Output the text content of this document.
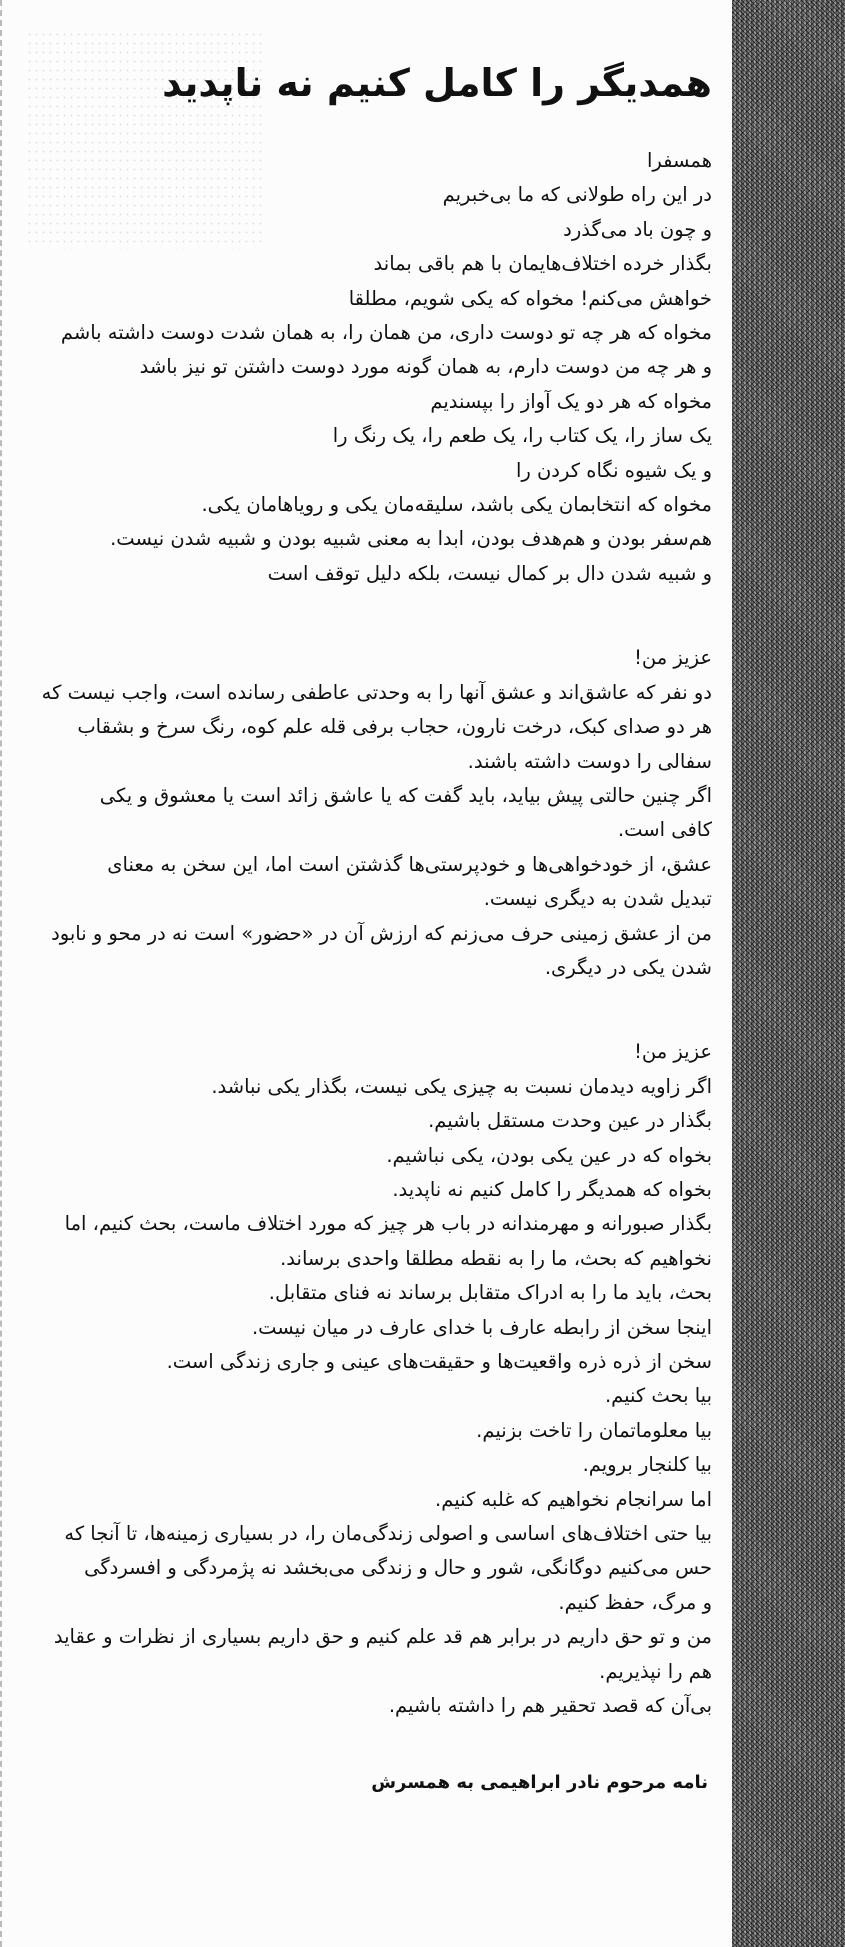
همدیگر را کامل کنیم نه ناپدید
همسفرا
در این راه طولانی که ما بی‌خبریم
و چون باد می‌گذرد
بگذار خرده اختلاف‌هایمان با هم باقی بماند
خواهش می‌کنم! مخواه که یکی شویم، مطلقا
مخواه که هر چه تو دوست داری، من همان را، به همان شدت دوست داشته باشم
و هر چه من دوست دارم، به همان گونه مورد دوست داشتن تو نیز باشد
مخواه که هر دو یک آواز را بپسندیم
یک ساز را، یک کتاب را، یک طعم را، یک رنگ را
و یک شیوه نگاه کردن را
مخواه که انتخابمان یکی باشد، سلیقه‌مان یکی و رویاهامان یکی.
هم‌سفر بودن و هم‌هدف بودن، ابدا به معنی شبیه بودن و شبیه شدن نیست.
و شبیه شدن دال بر کمال نیست، بلکه دلیل توقف است
عزیز من!
دو نفر که عاشق‌اند و عشق آنها را به وحدتی عاطفی رسانده است، واجب نیست که
هر دو صدای کبک، درخت نارون، حجاب برفی قله علم کوه، رنگ سرخ و بشقاب
سفالی را دوست داشته باشند.
اگر چنین حالتی پیش بیاید، باید گفت که یا عاشق زائد است یا معشوق و یکی
کافی است.
عشق، از خودخواهی‌ها و خودپرستی‌ها گذشتن است اما، این سخن به معنای
تبدیل شدن به دیگری نیست.
من از عشق زمینی حرف می‌زنم که ارزش آن در «حضور» است نه در محو و نابود
شدن یکی در دیگری.
عزیز من!
اگر زاویه دیدمان نسبت به چیزی یکی نیست، بگذار یکی نباشد.
بگذار در عین وحدت مستقل باشیم.
بخواه که در عین یکی بودن، یکی نباشیم.
بخواه که همدیگر را کامل کنیم نه ناپدید.
بگذار صبورانه و مهرمندانه در باب هر چیز که مورد اختلاف ماست، بحث کنیم، اما
نخواهیم که بحث، ما را به نقطه مطلقا واحدی برساند.
بحث، باید ما را به ادراک متقابل برساند نه فنای متقابل.
اینجا سخن از رابطه عارف با خدای عارف در میان نیست.
سخن از ذره ذره واقعیت‌ها و حقیقت‌های عینی و جاری زندگی است.
بیا بحث کنیم.
بیا معلوماتمان را تاخت بزنیم.
بیا کلنجار برویم.
اما سرانجام نخواهیم که غلبه کنیم.
بیا حتی اختلاف‌های اساسی و اصولی زندگی‌مان را، در بسیاری زمینه‌ها، تا آنجا که
حس می‌کنیم دوگانگی، شور و حال و زندگی می‌بخشد نه پژمردگی و افسردگی
و مرگ، حفظ کنیم.
من و تو حق داریم در برابر هم قد علم کنیم و حق داریم بسیاری از نظرات و عقاید
هم را نپذیریم.
بی‌آن که قصد تحقیر هم را داشته باشیم.
نامه مرحوم نادر ابراهیمی به همسرش
